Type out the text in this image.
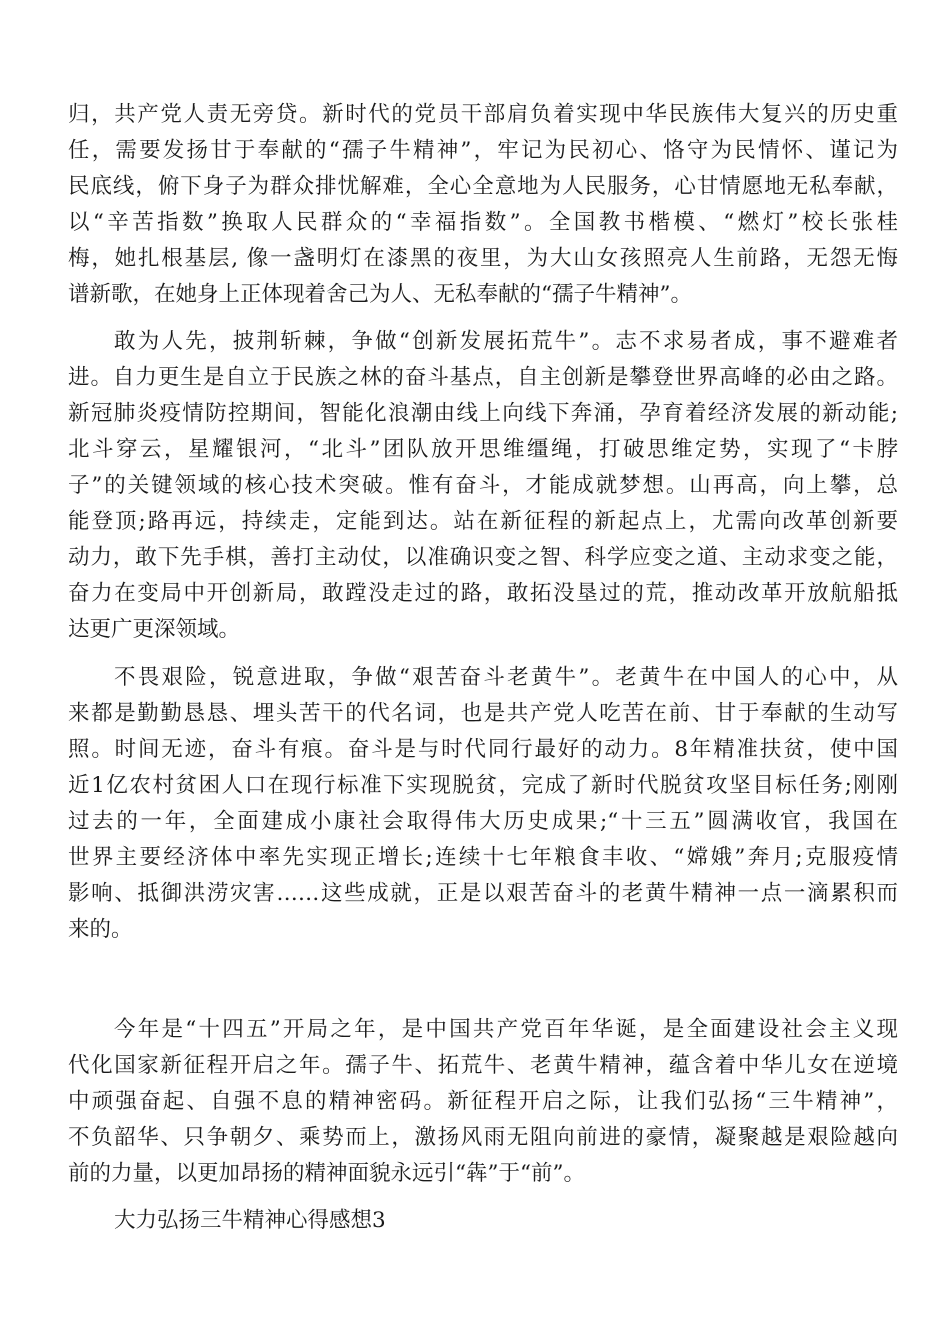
归，共产党人责无旁贷。新时代的党员干部肩负着实现中华民族伟大复兴的历史重
任，需要发扬甘于奉献的“孺子牛精神”，牢记为民初心、恪守为民情怀、谨记为
民底线，俯下身子为群众排忧解难，全心全意地为人民服务，心甘情愿地无私奉献，
以“辛苦指数”换取人民群众的“幸福指数”。全国教书楷模、“燃灯”校长张桂
梅，她扎根基层, 像一盏明灯在漆黑的夜里，为大山女孩照亮人生前路，无怨无悔
谱新歌，在她身上正体现着舍己为人、无私奉献的“孺子牛精神”。
敢为人先，披荆斩棘，争做“创新发展拓荒牛”。志不求易者成，事不避难者
进。自力更生是自立于民族之林的奋斗基点，自主创新是攀登世界高峰的必由之路。
新冠肺炎疫情防控期间，智能化浪潮由线上向线下奔涌，孕育着经济发展的新动能;
北斗穿云，星耀银河，“北斗”团队放开思维缰绳，打破思维定势，实现了“卡脖
子”的关键领域的核心技术突破。惟有奋斗，才能成就梦想。山再高，向上攀，总
能登顶;路再远，持续走，定能到达。站在新征程的新起点上，尤需向改革创新要
动力，敢下先手棋，善打主动仗，以准确识变之智、科学应变之道、主动求变之能，
奋力在变局中开创新局，敢蹚没走过的路，敢拓没垦过的荒，推动改革开放航船抵
达更广更深领域。
不畏艰险，锐意进取，争做“艰苦奋斗老黄牛”。老黄牛在中国人的心中，从
来都是勤勤恳恳、埋头苦干的代名词，也是共产党人吃苦在前、甘于奉献的生动写
照。时间无迹，奋斗有痕。奋斗是与时代同行最好的动力。8年精准扶贫，使中国
近1亿农村贫困人口在现行标准下实现脱贫，完成了新时代脱贫攻坚目标任务;刚刚
过去的一年，全面建成小康社会取得伟大历史成果;“十三五”圆满收官，我国在
世界主要经济体中率先实现正增长;连续十七年粮食丰收、“嫦娥”奔月;克服疫情
影响、抵御洪涝灾害……这些成就，正是以艰苦奋斗的老黄牛精神一点一滴累积而
来的。
今年是“十四五”开局之年，是中国共产党百年华诞，是全面建设社会主义现
代化国家新征程开启之年。孺子牛、拓荒牛、老黄牛精神，蕴含着中华儿女在逆境
中顽强奋起、自强不息的精神密码。新征程开启之际，让我们弘扬“三牛精神”，
不负韶华、只争朝夕、乘势而上，激扬风雨无阻向前进的豪情，凝聚越是艰险越向
前的力量，以更加昂扬的精神面貌永远引“犇”于“前”。
大力弘扬三牛精神心得感想3
